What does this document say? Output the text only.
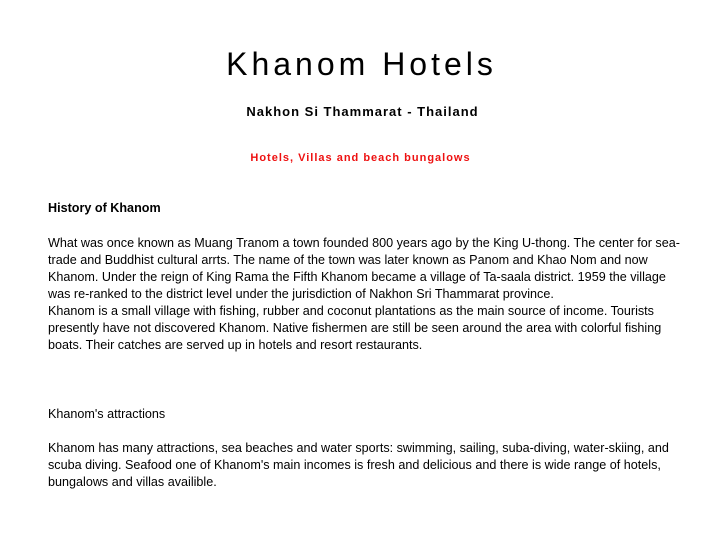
Khanom Hotels
Nakhon Si Thammarat - Thailand
Hotels, Villas and beach bungalows
History of Khanom

What was once known as Muang Tranom a town founded 800 years ago by the King U-thong. The center for sea-trade and Buddhist cultural arrts. The name of the town was later known as Panom and Khao Nom and now Khanom. Under the reign of King Rama the Fifth Khanom became a village of Ta-saala district. 1959 the village was re-ranked to the district level under the jurisdiction of Nakhon Sri Thammarat province.

Khanom is a small village with fishing, rubber and coconut plantations as the main source of income. Tourists presently have not discovered Khanom. Native fishermen are still be seen around the area with colorful fishing boats. Their catches are served up in hotels and resort restaurants.

Khanom's attractions

Khanom has many attractions, sea beaches and water sports: swimming, sailing, suba-diving, water-skiing, and scuba diving. Seafood one of Khanom's main incomes is fresh and delicious and there is wide range of hotels, bungalows and villas availible.
